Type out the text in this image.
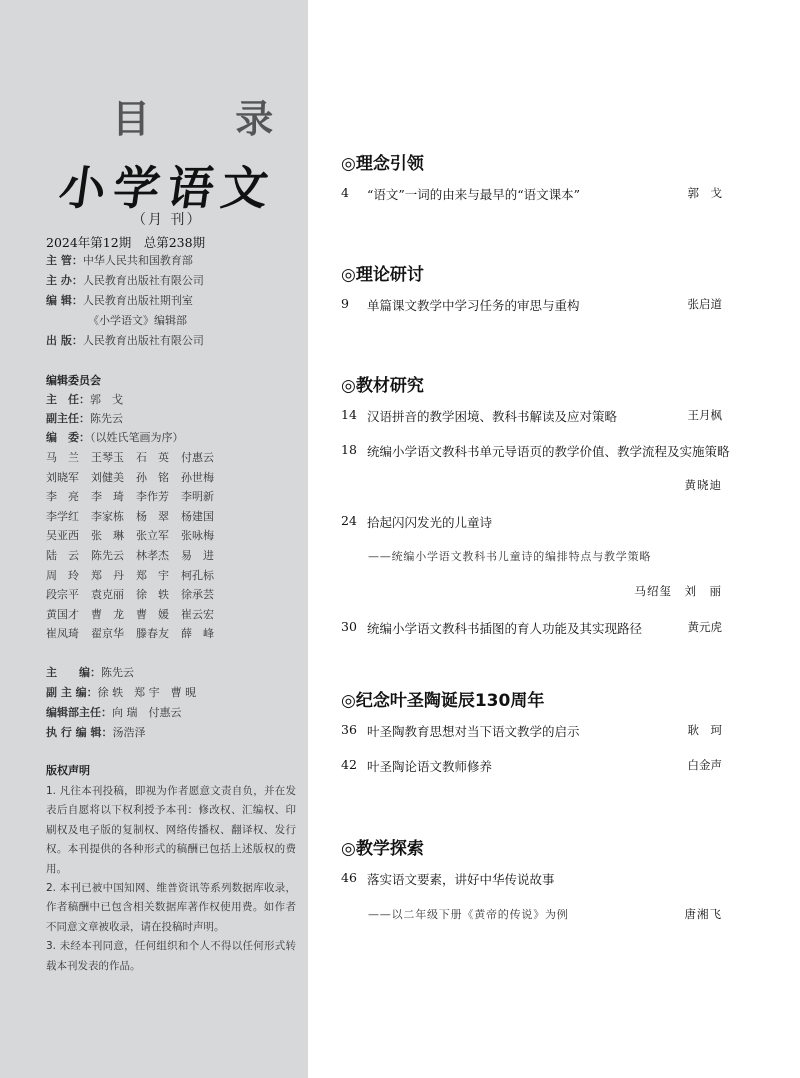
目 录
小学语文
（月 刊）
2024年第12期　总第238期
主 管：中华人民共和国教育部
主 办：人民教育出版社有限公司
编 辑：人民教育出版社期刊室
《小学语文》编辑部
出 版：人民教育出版社有限公司
编辑委员会
主　任：郭　戈
副主任：陈先云
编　委：（以姓氏笔画为序）
马　兰	王琴玉	石　英	付惠云
刘晓军	刘健美	孙　铭	孙世梅
李　亮	李　琦	李作芳	李明新
李学红	李家栋	杨　翠	杨建国
吴亚西	张　琳	张立军	张咏梅
陆　云	陈先云	林孝杰	易　进
周　玲	郑　丹	郑　宇	柯孔标
段宗平	袁克丽	徐　轶	徐承芸
黄国才	曹　龙	曹　媛	崔云宏
崔凤琦	翟京华	滕春友	薛　峰
主　　编：陈先云
副 主 编：徐 轶　郑 宇　曹 晛
编辑部主任：向 瑞　付惠云
执 行 编 辑：汤浩泽
版权声明

1. 凡往本刊投稿，即视为作者愿意文责自负，并在发表后自愿将以下权利授予本刊：修改权、汇编权、印刷权及电子版的复制权、网络传播权、翻译权、发行权。本刊提供的各种形式的稿酬已包括上述版权的费用。

2. 本刊已被中国知网、维普资讯等系列数据库收录，作者稿酬中已包含相关数据库著作权使用费。如作者不同意文章被收录，请在投稿时声明。

3. 未经本刊同意，任何组织和个人不得以任何形式转载本刊发表的作品。

◎理念引领
4	“语文”一词的由来与最早的“语文课本”	郭　戈
◎理论研讨
9	单篇课文教学中学习任务的审思与重构	张启道
◎教材研究
14 汉语拼音的教学困境、教科书解读及应对策略	王月枫
18 统编小学语文教科书单元导语页的教学价值、教学流程及实施策略
黄晓迪
24 拾起闪闪发光的儿童诗
——统编小学语文教科书儿童诗的编排特点与教学策略
马绍玺　刘　丽
30 统编小学语文教科书插图的育人功能及其实现路径	黄元虎
◎纪念叶圣陶诞辰130周年
36 叶圣陶教育思想对当下语文教学的启示	耿　珂
42 叶圣陶论语文教师修养	白金声
◎教学探索
46 落实语文要素，讲好中华传说故事
——以二年级下册《黄帝的传说》为例	唐湘飞
